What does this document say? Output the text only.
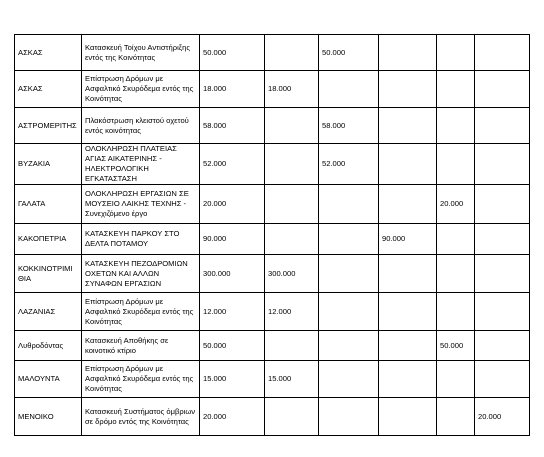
ΑΣΚΑΣ	Κατασκευή Τοίχου Αντιστήριξης εντός της Κοινότητας	50.000		50.000			
ΑΣΚΑΣ	Επίστρωση Δρόμων με Ασφαλτικό Σκυρόδεμα εντός της Κοινότητας	18.000	18.000				
ΑΣΤΡΟΜΕΡΙΤΗΣ	Πλακόστρωση κλειστού οχετού εντός κοινότητας	58.000		58.000			
ΒΥΖΑΚΙΑ	ΟΛΟΚΛΗΡΩΣΗ ΠΛΑΤΕΙΑΣ ΑΓΙΑΣ ΑΙΚΑΤΕΡΙΝΗΣ - ΗΛΕΚΤΡΟΛΟΓΙΚΗ ΕΓΚΑΤΑΣΤΑΣΗ	52.000		52.000			
ΓΑΛΑΤΑ	ΟΛΟΚΛΗΡΩΣΗ ΕΡΓΑΣΙΩΝ ΣΕ ΜΟΥΣΕΙΟ ΛΑΙΚΗΣ ΤΕΧΝΗΣ - Συνεχιζόμενο έργο	20.000				20.000	
ΚΑΚΟΠΕΤΡΙΑ	ΚΑΤΑΣΚΕΥΗ ΠΑΡΚΟΥ ΣΤΟ ΔΕΛΤΑ ΠΟΤΑΜΟΥ	90.000			90.000		
ΚΟΚΚΙΝΟΤΡΙΜΙΘΙΑ	ΚΑΤΑΣΚΕΥΗ ΠΕΖΟΔΡΟΜΙΩΝ ΟΧΕΤΩΝ ΚΑΙ ΑΛΛΩΝ ΣΥΝΑΦΩΝ ΕΡΓΑΣΙΩΝ	300.000	300.000				
ΛΑΖΑΝΙΑΣ	Επίστρωση Δρόμων με Ασφαλτικό Σκυρόδεμα εντός της Κοινότητας	12.000	12.000				
Λυθροδόντας	Κατασκευή Αποθήκης σε κοινοτικό κτίριο	50.000				50.000	
ΜΑΛΟΥΝΤΑ	Επίστρωση Δρόμων με Ασφαλτικό Σκυρόδεμα εντός της Κοινότητας	15.000	15.000				
ΜΕΝΟΙΚΟ	Κατασκευή Συστήματος όμβριων σε δρόμο εντός της Κοινότητας	20.000					20.000
